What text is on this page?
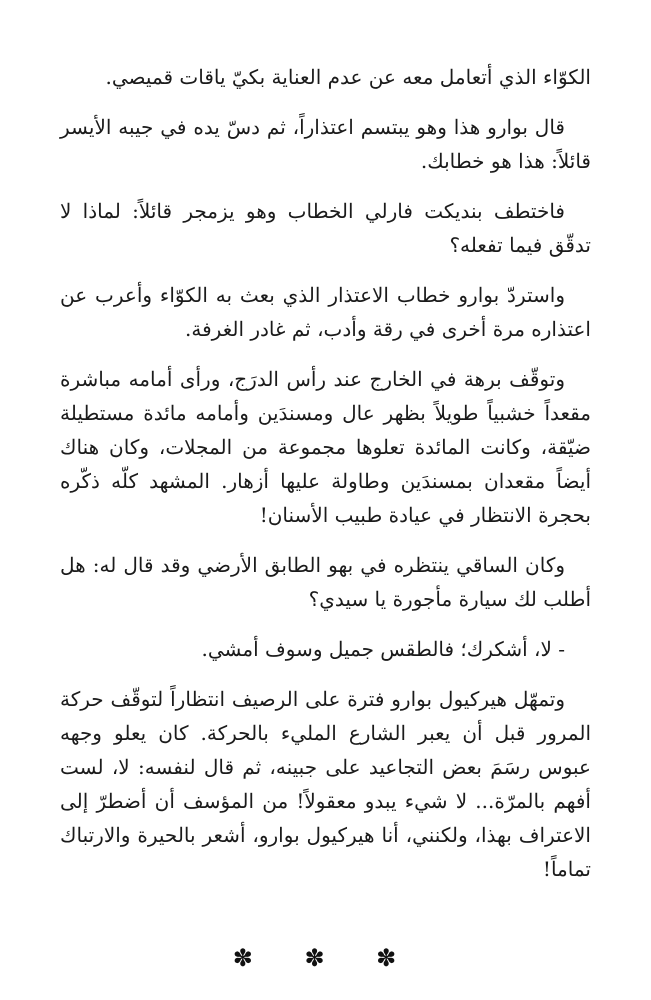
الكوّاء الذي أتعامل معه عن عدم العناية بكيّ ياقات قميصي.

قال بوارو هذا وهو يبتسم اعتذاراً، ثم دسّ يده في جيبه الأيسر قائلاً: هذا هو خطابك.

فاختطف بنديكت فارلي الخطاب وهو يزمجر قائلاً: لماذا لا تدقّق فيما تفعله؟

واستردّ بوارو خطاب الاعتذار الذي بعث به الكوّاء وأعرب عن اعتذاره مرة أخرى في رقة وأدب، ثم غادر الغرفة.

وتوقّف برهة في الخارج عند رأس الدرَج، ورأى أمامه مباشرة مقعداً خشبياً طويلاً بظهر عال ومسندَين وأمامه مائدة مستطيلة ضيّقة، وكانت المائدة تعلوها مجموعة من المجلات، وكان هناك أيضاً مقعدان بمسندَين وطاولة عليها أزهار. المشهد كلّه ذكّره بحجرة الانتظار في عيادة طبيب الأسنان!

وكان الساقي ينتظره في بهو الطابق الأرضي وقد قال له: هل أطلب لك سيارة مأجورة يا سيدي؟

- لا، أشكرك؛ فالطقس جميل وسوف أمشي.

وتمهّل هيركيول بوارو فترة على الرصيف انتظاراً لتوقّف حركة المرور قبل أن يعبر الشارع المليء بالحركة. كان يعلو وجهه عبوس رسَمَ بعض التجاعيد على جبينه، ثم قال لنفسه: لا، لست أفهم بالمرّة... لا شيء يبدو معقولاً! من المؤسف أن أضطرّ إلى الاعتراف بهذا، ولكنني، أنا هيركيول بوارو، أشعر بالحيرة والارتباك تماماً!

✽ ✽ ✽
